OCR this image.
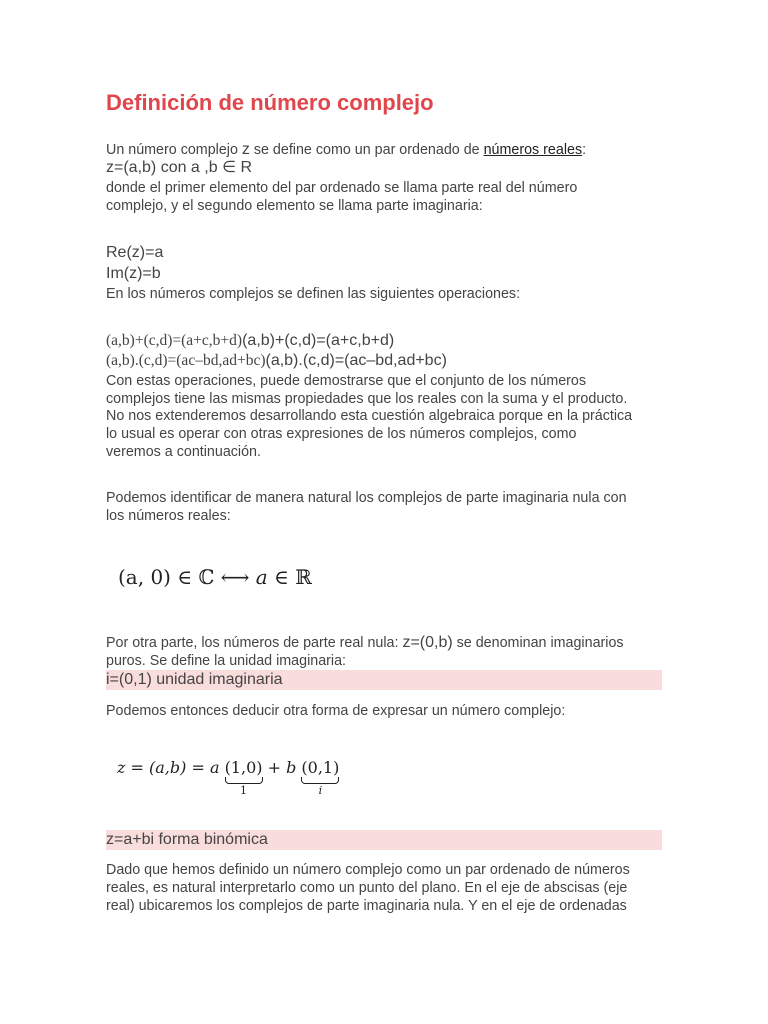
Definición de número complejo

Un número complejo z se define como un par ordenado de números reales:

z=(a,b) con a ,b ∈ R

donde el primer elemento del par ordenado se llama parte real del número

complejo, y el segundo elemento se llama parte imaginaria:

Re(z)=a

Im(z)=b

En los números complejos se definen las siguientes operaciones:

(a,b)+(c,d)=(a+c,b+d)(a,b)+(c,d)=(a+c,b+d)

(a,b).(c,d)=(ac–bd,ad+bc)(a,b).(c,d)=(ac–bd,ad+bc)

Con estas operaciones, puede demostrarse que el conjunto de los números

complejos tiene las mismas propiedades que los reales con la suma y el producto.

No nos extenderemos desarrollando esta cuestión algebraica porque en la práctica

lo usual es operar con otras expresiones de los números complejos, como

veremos a continuación.

Podemos identificar de manera natural los complejos de parte imaginaria nula con

los números reales:

(a, 0) ∈ ℂ ⟷ a ∈ ℝ

Por otra parte, los números de parte real nula: z=(0,b) se denominan imaginarios

puros. Se define la unidad imaginaria:

i=(0,1) unidad imaginaria

Podemos entonces deducir otra forma de expresar un número complejo:

z = (a,b) = a (1,0)
1
+ b (0,1)
i
z=a+bi forma binómica

Dado que hemos definido un número complejo como un par ordenado de números

reales, es natural interpretarlo como un punto del plano. En el eje de abscisas (eje

real) ubicaremos los complejos de parte imaginaria nula. Y en el eje de ordenadas
